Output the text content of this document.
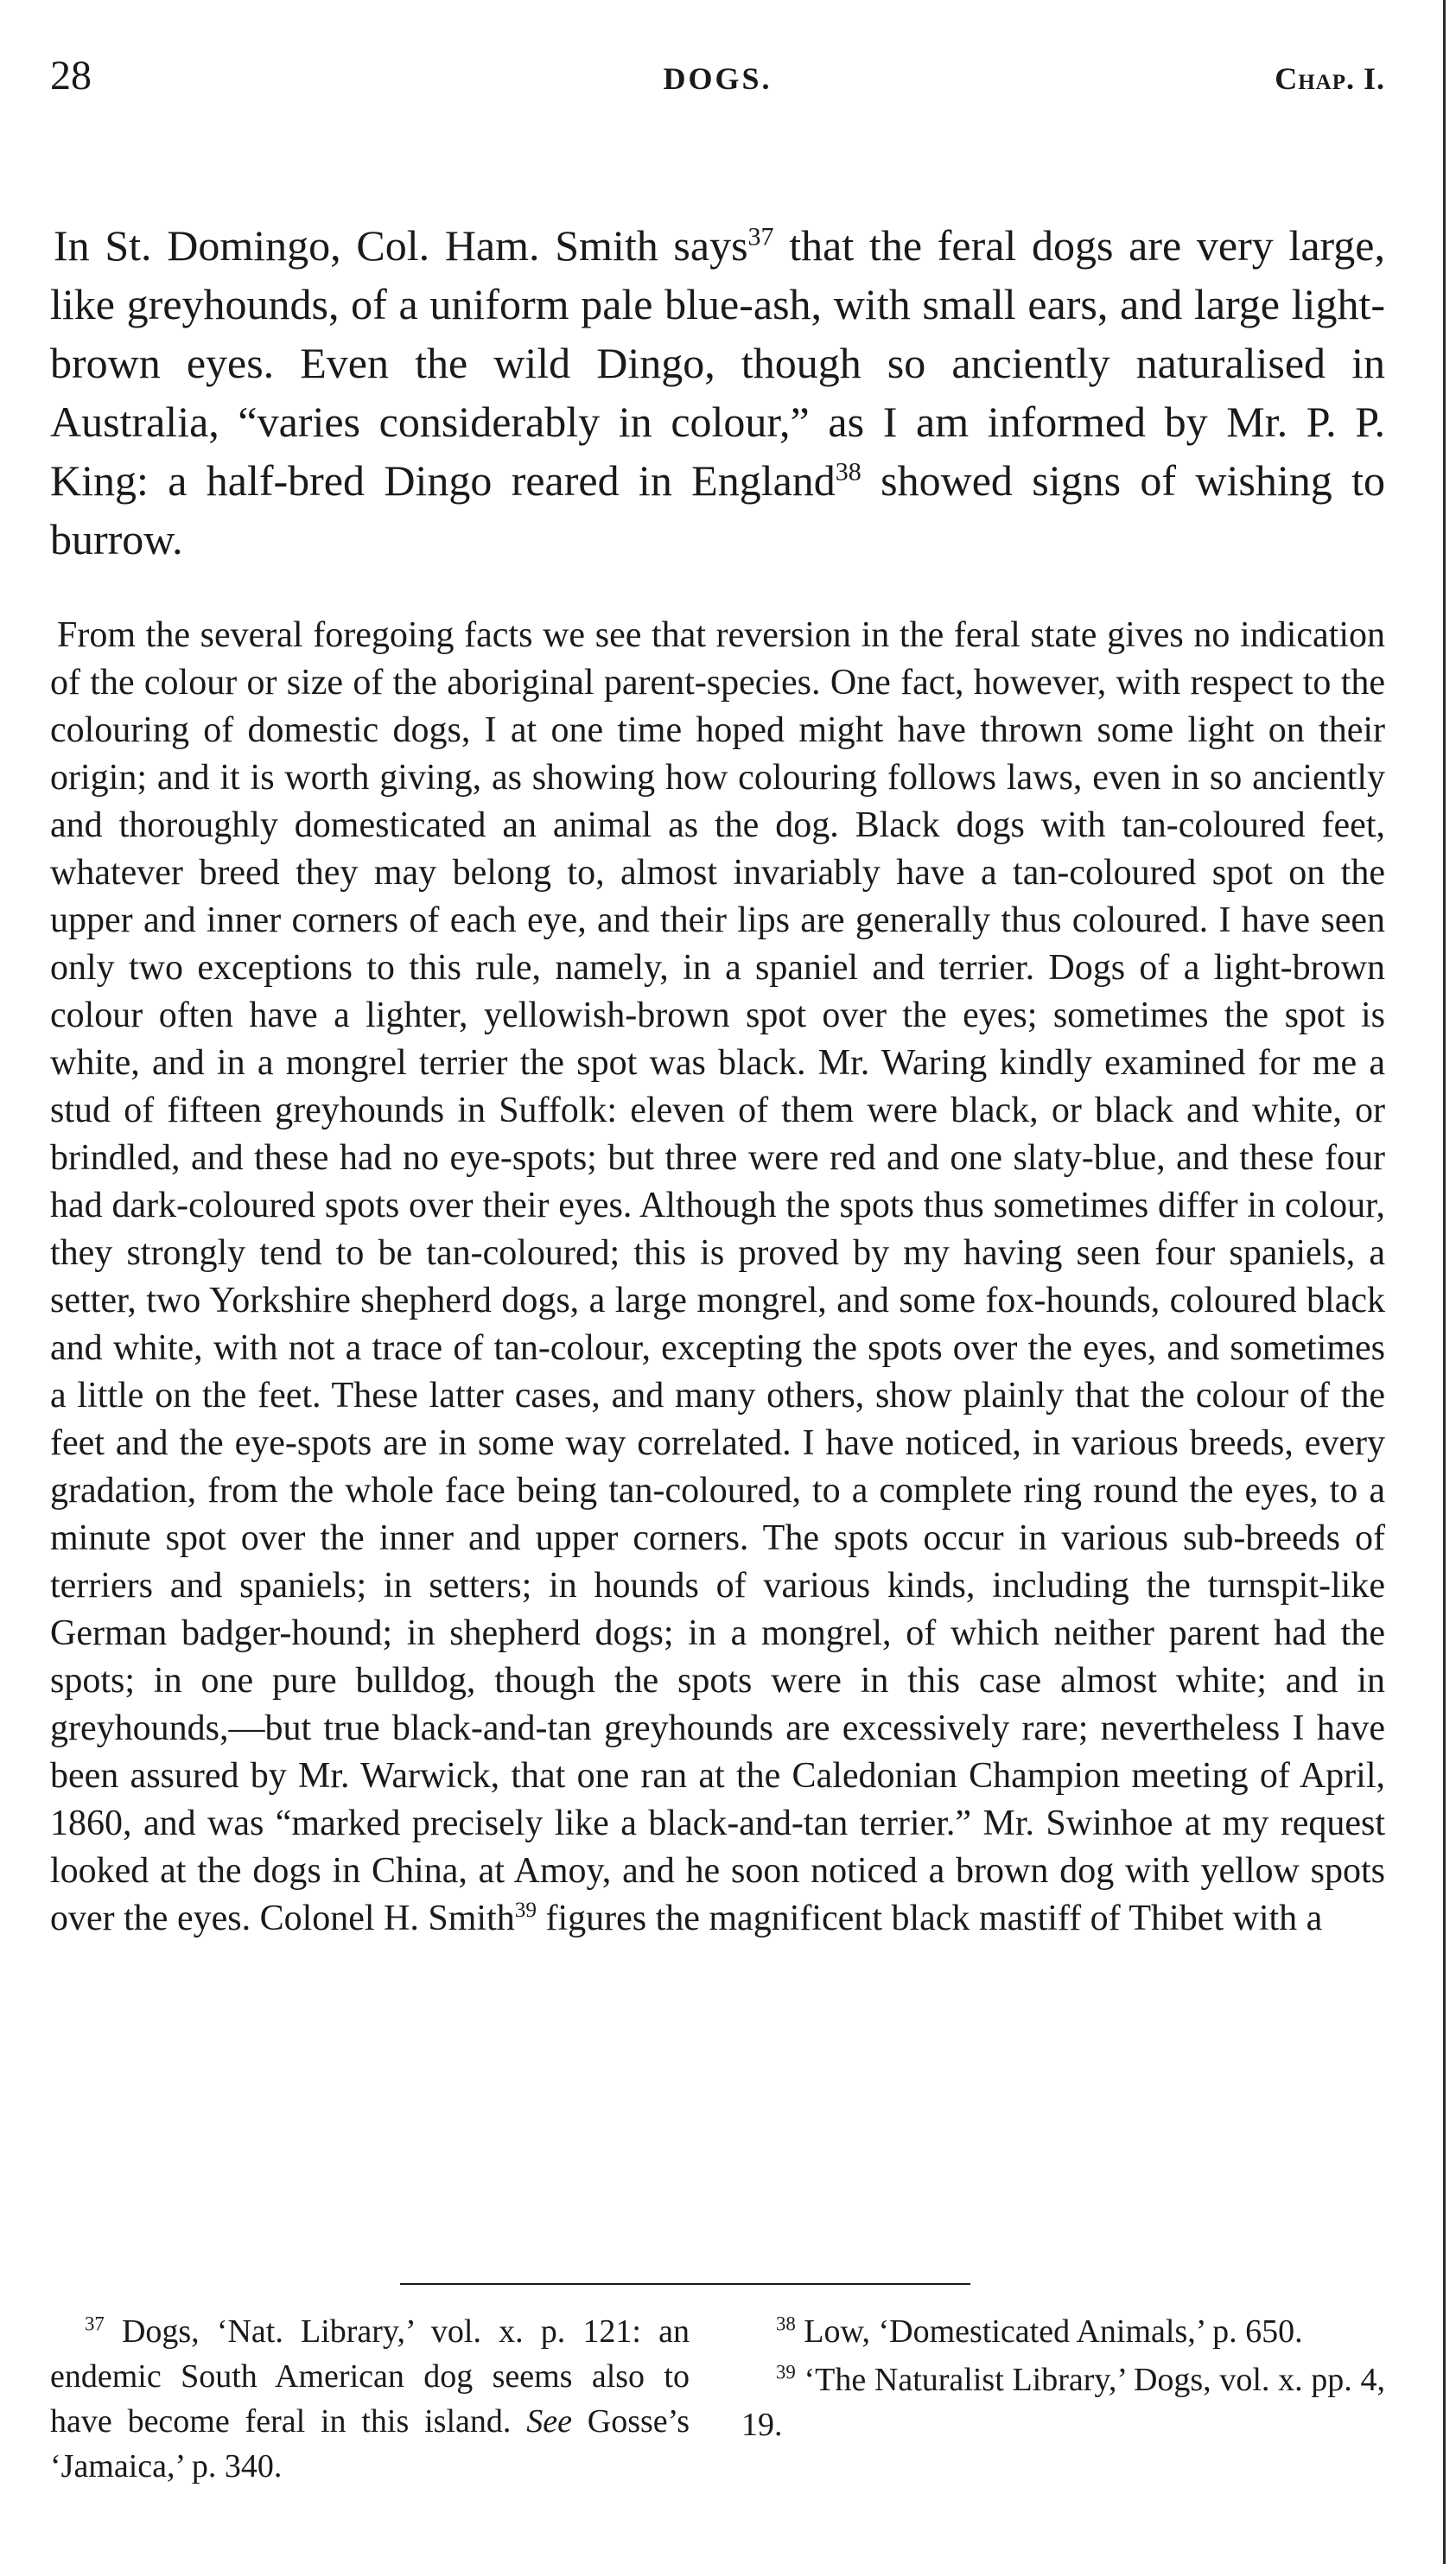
28	DOGS.	Chap. I.

In St. Domingo, Col. Ham. Smith says$^{37}$ that the feral dogs are very large, like greyhounds, of a uniform pale blue-ash, with small ears, and large light-brown eyes. Even the wild Dingo, though so anciently naturalised in Australia, “varies considerably in colour,” as I am informed by Mr. P. P. King: a half-bred Dingo reared in England$^{38}$ showed signs of wishing to burrow.

From the several foregoing facts we see that reversion in the feral state gives no indication of the colour or size of the aboriginal parent-species. One fact, however, with respect to the colouring of domestic dogs, I at one time hoped might have thrown some light on their origin; and it is worth giving, as showing how colouring follows laws, even in so anciently and thoroughly domesticated an animal as the dog. Black dogs with tan-coloured feet, whatever breed they may belong to, almost invariably have a tan-coloured spot on the upper and inner corners of each eye, and their lips are generally thus coloured. I have seen only two exceptions to this rule, namely, in a spaniel and terrier. Dogs of a light-brown colour often have a lighter, yellowish-brown spot over the eyes; sometimes the spot is white, and in a mongrel terrier the spot was black. Mr. Waring kindly examined for me a stud of fifteen greyhounds in Suffolk: eleven of them were black, or black and white, or brindled, and these had no eye-spots; but three were red and one slaty-blue, and these four had dark-coloured spots over their eyes. Although the spots thus sometimes differ in colour, they strongly tend to be tan-coloured; this is proved by my having seen four spaniels, a setter, two Yorkshire shepherd dogs, a large mongrel, and some fox-hounds, coloured black and white, with not a trace of tan-colour, excepting the spots over the eyes, and sometimes a little on the feet. These latter cases, and many others, show plainly that the colour of the feet and the eye-spots are in some way correlated. I have noticed, in various breeds, every gradation, from the whole face being tan-coloured, to a complete ring round the eyes, to a minute spot over the inner and upper corners. The spots occur in various sub-breeds of terriers and spaniels; in setters; in hounds of various kinds, including the turnspit-like German badger-hound; in shepherd dogs; in a mongrel, of which neither parent had the spots; in one pure bulldog, though the spots were in this case almost white; and in greyhounds,—but true black-and-tan greyhounds are excessively rare; nevertheless I have been assured by Mr. Warwick, that one ran at the Caledonian Champion meeting of April, 1860, and was “marked precisely like a black-and-tan terrier.” Mr. Swinhoe at my request looked at the dogs in China, at Amoy, and he soon noticed a brown dog with yellow spots over the eyes. Colonel H. Smith$^{39}$ figures the magnificent black mastiff of Thibet with a

$^{37}$ Dogs, ‘Nat. Library,’ vol. x. p. 121: an endemic South American dog seems also to have become feral in this island. See Gosse’s ‘Jamaica,’ p. 340.

$^{38}$ Low, ‘Domesticated Animals,’ p. 650.

$^{39}$ ‘The Naturalist Library,’ Dogs, vol. x. pp. 4, 19.
